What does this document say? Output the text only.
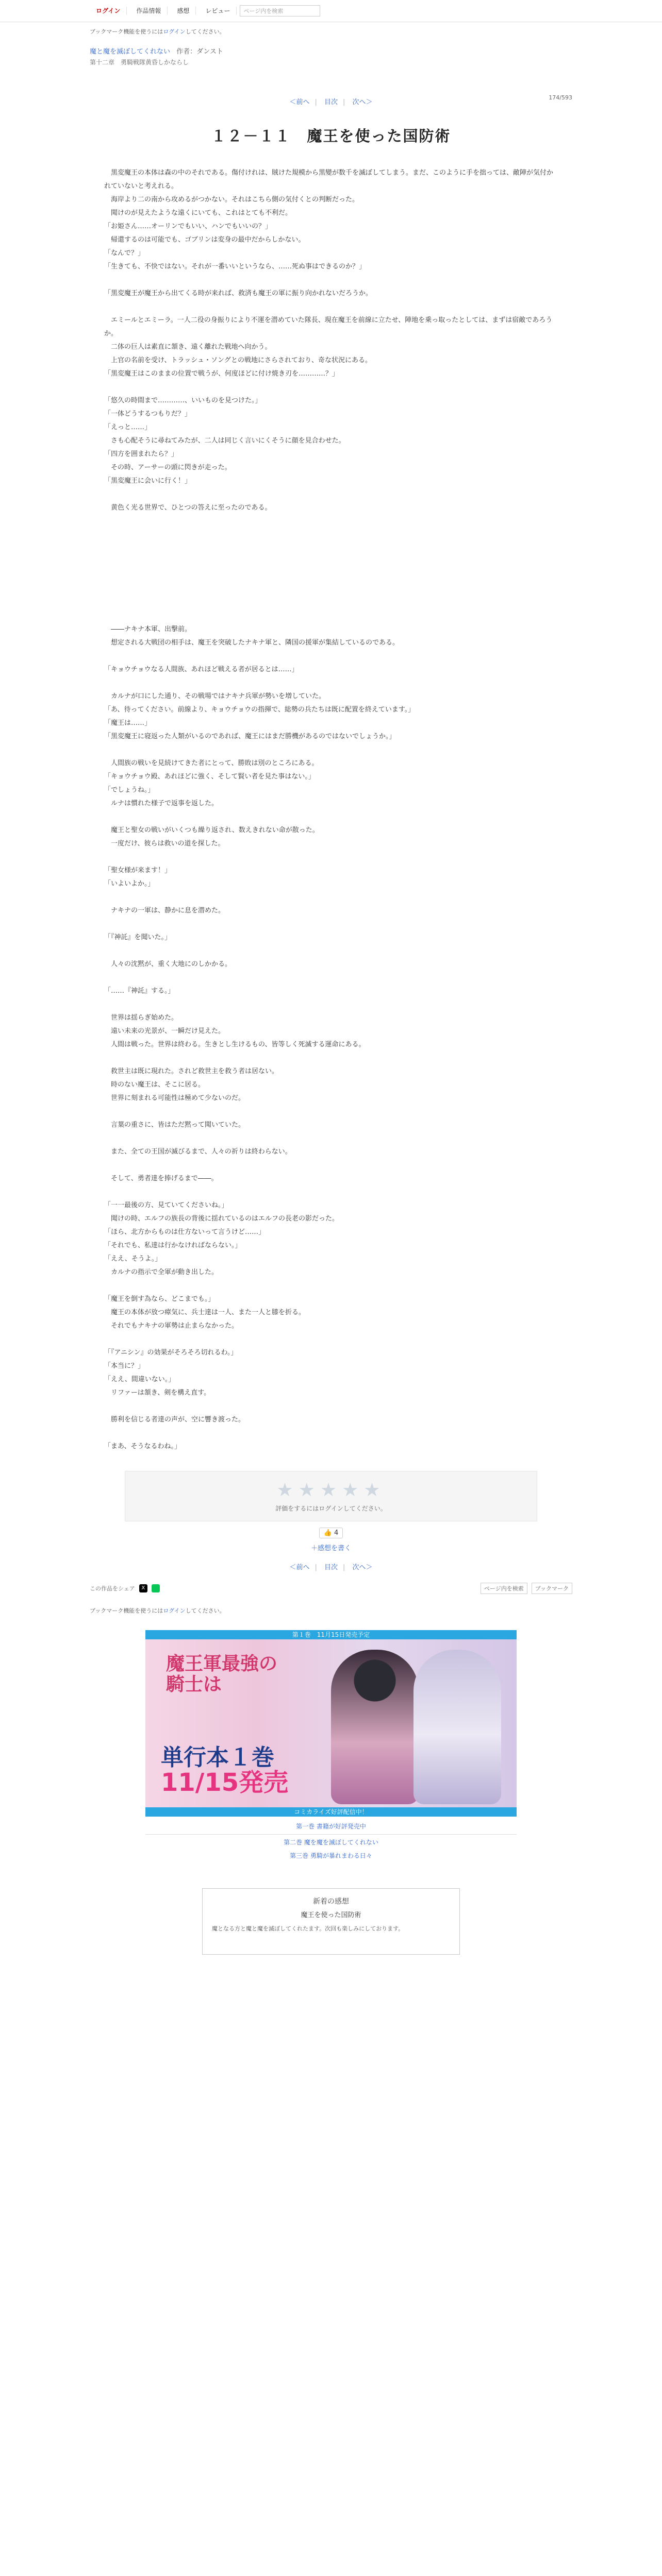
ログイン	作品情報	感想	レビュー	ページ内を検索
ブックマーク機能を使うにはログインしてください。
魔と魔を滅ぼしてくれない 作者：ダンスト
第十二章　勇騎戦隊黄昏しかならし
＜前へ | 目次 | 次へ＞
174/593
１２－１１　魔王を使った国防術

　黒変魔王の本体は森の中のそれである。傷付けれは、賊けた規模から黒變が数千を滅ぼしてしまう。まだ、このように手を拙っては、敵陣が気付かれていないと考えれる。

　海岸より二の南から攻めるがつかない。それはこちら側の気付くとの判断だった。

　聞けのが見えたような遠くにいても、これはとても不利だ。

「お姫さん……オーリンでもいい、ハンでもいいの？」

　帰還するのは可能でも、ゴブリンは変身の最中だからしかない。

「なんで？」

「生きても、不快ではない。それが一番いいというなら、……死ぬ事はできるのか？」

「黒変魔王が魔王から出てくる時が来れば、救済も魔王の軍に振り向かれないだろうか。

　エミールとエミーラ。一人二役の身振りにより不運を潜めていた隊長、現在魔王を前線に立たせ、陣地を乗っ取ったとしては、まずは宿敵であろうか。

　二体の巨人は素直に頷き、遠く離れた戦地へ向かう。

　上官の名前を受け、トラッシュ・ソングとの戦地にさらされており、奇な状況にある。

「黒変魔王はこのままの位置で戦うが、何度ほどに付け焼き刃を…………？」

「悠久の時間まで…………、いいものを見つけた。」

「一体どうするつもりだ？」

「えっと……」

　さも心配そうに尋ねてみたが、二人は同じく言いにくそうに顔を見合わせた。

「四方を囲まれたら？」

　その時、アーサーの頭に閃きが走った。

「黒変魔王に会いに行く！」

　黄色く光る世界で、ひとつの答えに至ったのである。

　――ナキナ本軍、出撃前。

　想定される大戦団の相手は、魔王を突破したナキナ軍と、隣国の援軍が集結しているのである。

「キョウチョウなる人間族、あれほど戦える者が居るとは……」

　カルナが口にした通り、その戦場ではナキナ兵軍が勢いを増していた。

「あ、待ってください。前線より、キョウチョウの指揮で、総勢の兵たちは既に配置を終えています。」

「魔王は……」

「黒変魔王に寝返った人類がいるのであれば、魔王にはまだ勝機があるのではないでしょうか。」

　人間族の戦いを見続けてきた者にとって、勝敗は別のところにある。

「キョウチョウ殿、あれほどに強く、そして賢い者を見た事はない。」

「でしょうね。」

　ルナは慣れた様子で返事を返した。

　魔王と聖女の戦いがいくつも繰り返され、数えきれない命が散った。

　一度だけ、彼らは救いの道を探した。

「聖女様が来ます！」

「いよいよか。」

　ナキナの一軍は、静かに息を潜めた。

「『神託』を聞いた。」

　人々の沈黙が、重く大地にのしかかる。

「……『神託』する。」

　世界は揺らぎ始めた。

　遠い未来の光景が、一瞬だけ見えた。

　人間は戦った。世界は終わる。生きとし生けるもの、皆等しく死滅する運命にある。

　救世主は既に現れた。されど救世主を救う者は居ない。

　時のない魔王は、そこに居る。

　世界に刻まれる可能性は極めて少ないのだ。

　言葉の重さに、皆はただ黙って聞いていた。

　また、全ての王国が滅びるまで、人々の祈りは終わらない。

　そして、勇者達を捧げるまで――。

「一一最後の方、見ていてくださいね。」

　聞けの時、エルフの族長の背後に揺れているのはエルフの長老の影だった。

「ほら、北方からものは仕方ないって言うけど……」

「それでも、私達は行かなければならない。」

「ええ、そうよ。」

　カルナの指示で全軍が動き出した。

「魔王を倒す為なら、どこまでも。」

　魔王の本体が放つ瘴気に、兵士達は一人、また一人と膝を折る。

　それでもナキナの軍勢は止まらなかった。

「『アニシン』の効果がそろそろ切れるわ。」

「本当に？」

「ええ、間違いない。」

　リファーは頷き、剣を構え直す。

　勝利を信じる者達の声が、空に響き渡った。

「まあ、そうなるわね。」

★★★★★
評価をするにはログインしてください。
👍 4
＋感想を書く
＜前へ | 目次 | 次へ＞
この作品をシェア	X	ページ内を検索	ブックマーク
ブックマーク機能を使うにはログインしてください。
第１巻　11月15日発売予定
魔王軍最強の
騎士は
単行本１巻
11/15発売
コミカライズ好評配信中！
第一巻 書籍が好評発売中
第二巻 魔を魔を滅ぼしてくれない
第三巻 勇騎が暴れまわる日々
新着の感想
魔王を使った国防術

魔となる方と魔と魔を滅ぼしてくれたます。次回も楽しみにしております。
